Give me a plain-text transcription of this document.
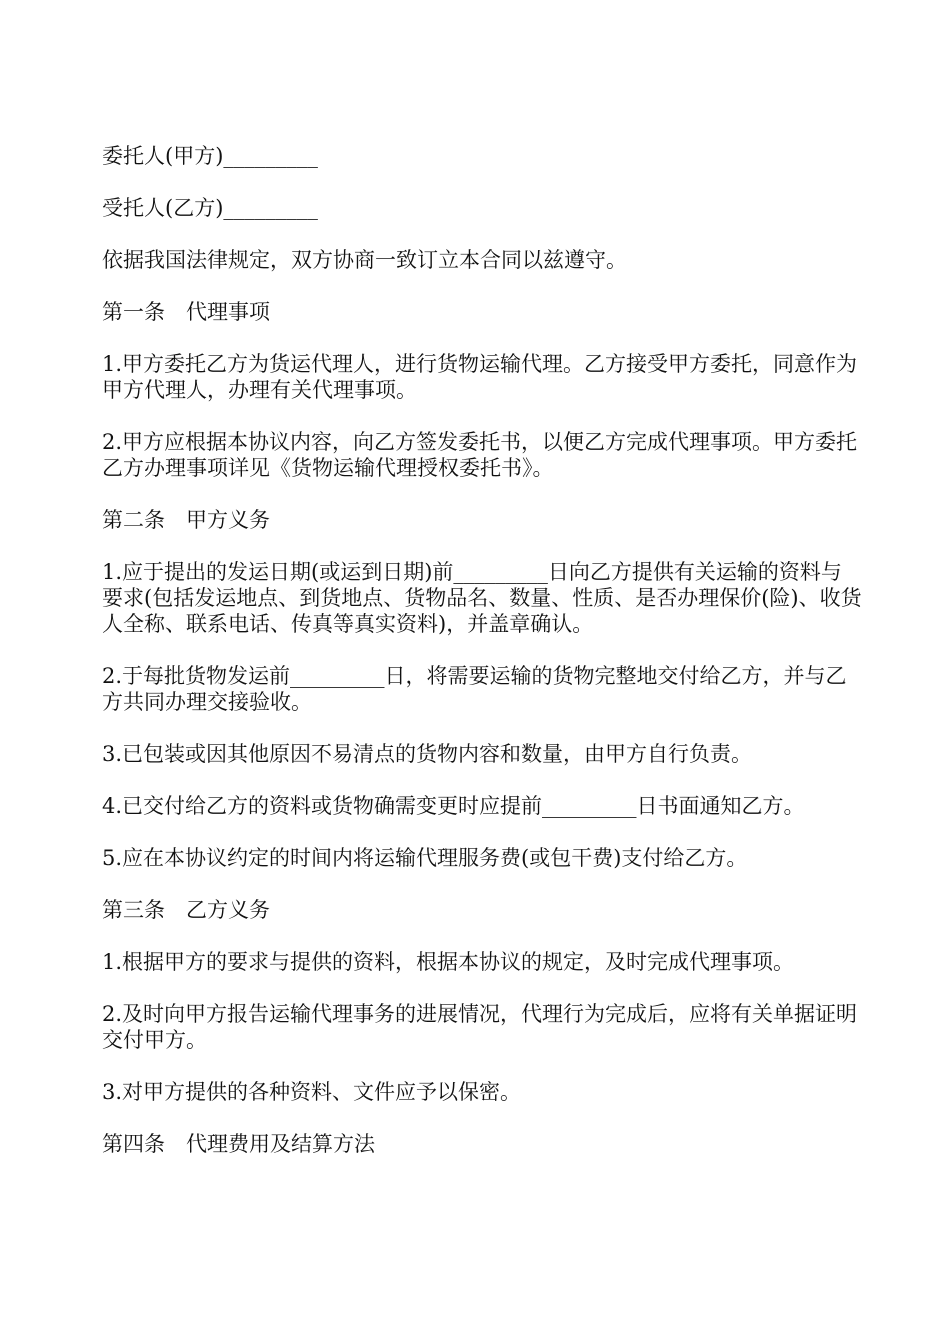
委托人(甲方)_________

受托人(乙方)_________

依据我国法律规定，双方协商一致订立本合同以兹遵守。

第一条　代理事项

1.甲方委托乙方为货运代理人，进行货物运输代理。乙方接受甲方委托，同意作为甲方代理人，办理有关代理事项。

2.甲方应根据本协议内容，向乙方签发委托书，以便乙方完成代理事项。甲方委托乙方办理事项详见《货物运输代理授权委托书》。

第二条　甲方义务

1.应于提出的发运日期(或运到日期)前_________日向乙方提供有关运输的资料与要求(包括发运地点、到货地点、货物品名、数量、性质、是否办理保价(险)、收货人全称、联系电话、传真等真实资料)，并盖章确认。

2.于每批货物发运前_________日，将需要运输的货物完整地交付给乙方，并与乙方共同办理交接验收。

3.已包装或因其他原因不易清点的货物内容和数量，由甲方自行负责。

4.已交付给乙方的资料或货物确需变更时应提前_________日书面通知乙方。

5.应在本协议约定的时间内将运输代理服务费(或包干费)支付给乙方。

第三条　乙方义务

1.根据甲方的要求与提供的资料，根据本协议的规定，及时完成代理事项。

2.及时向甲方报告运输代理事务的进展情况，代理行为完成后，应将有关单据证明交付甲方。

3.对甲方提供的各种资料、文件应予以保密。

第四条　代理费用及结算方法
